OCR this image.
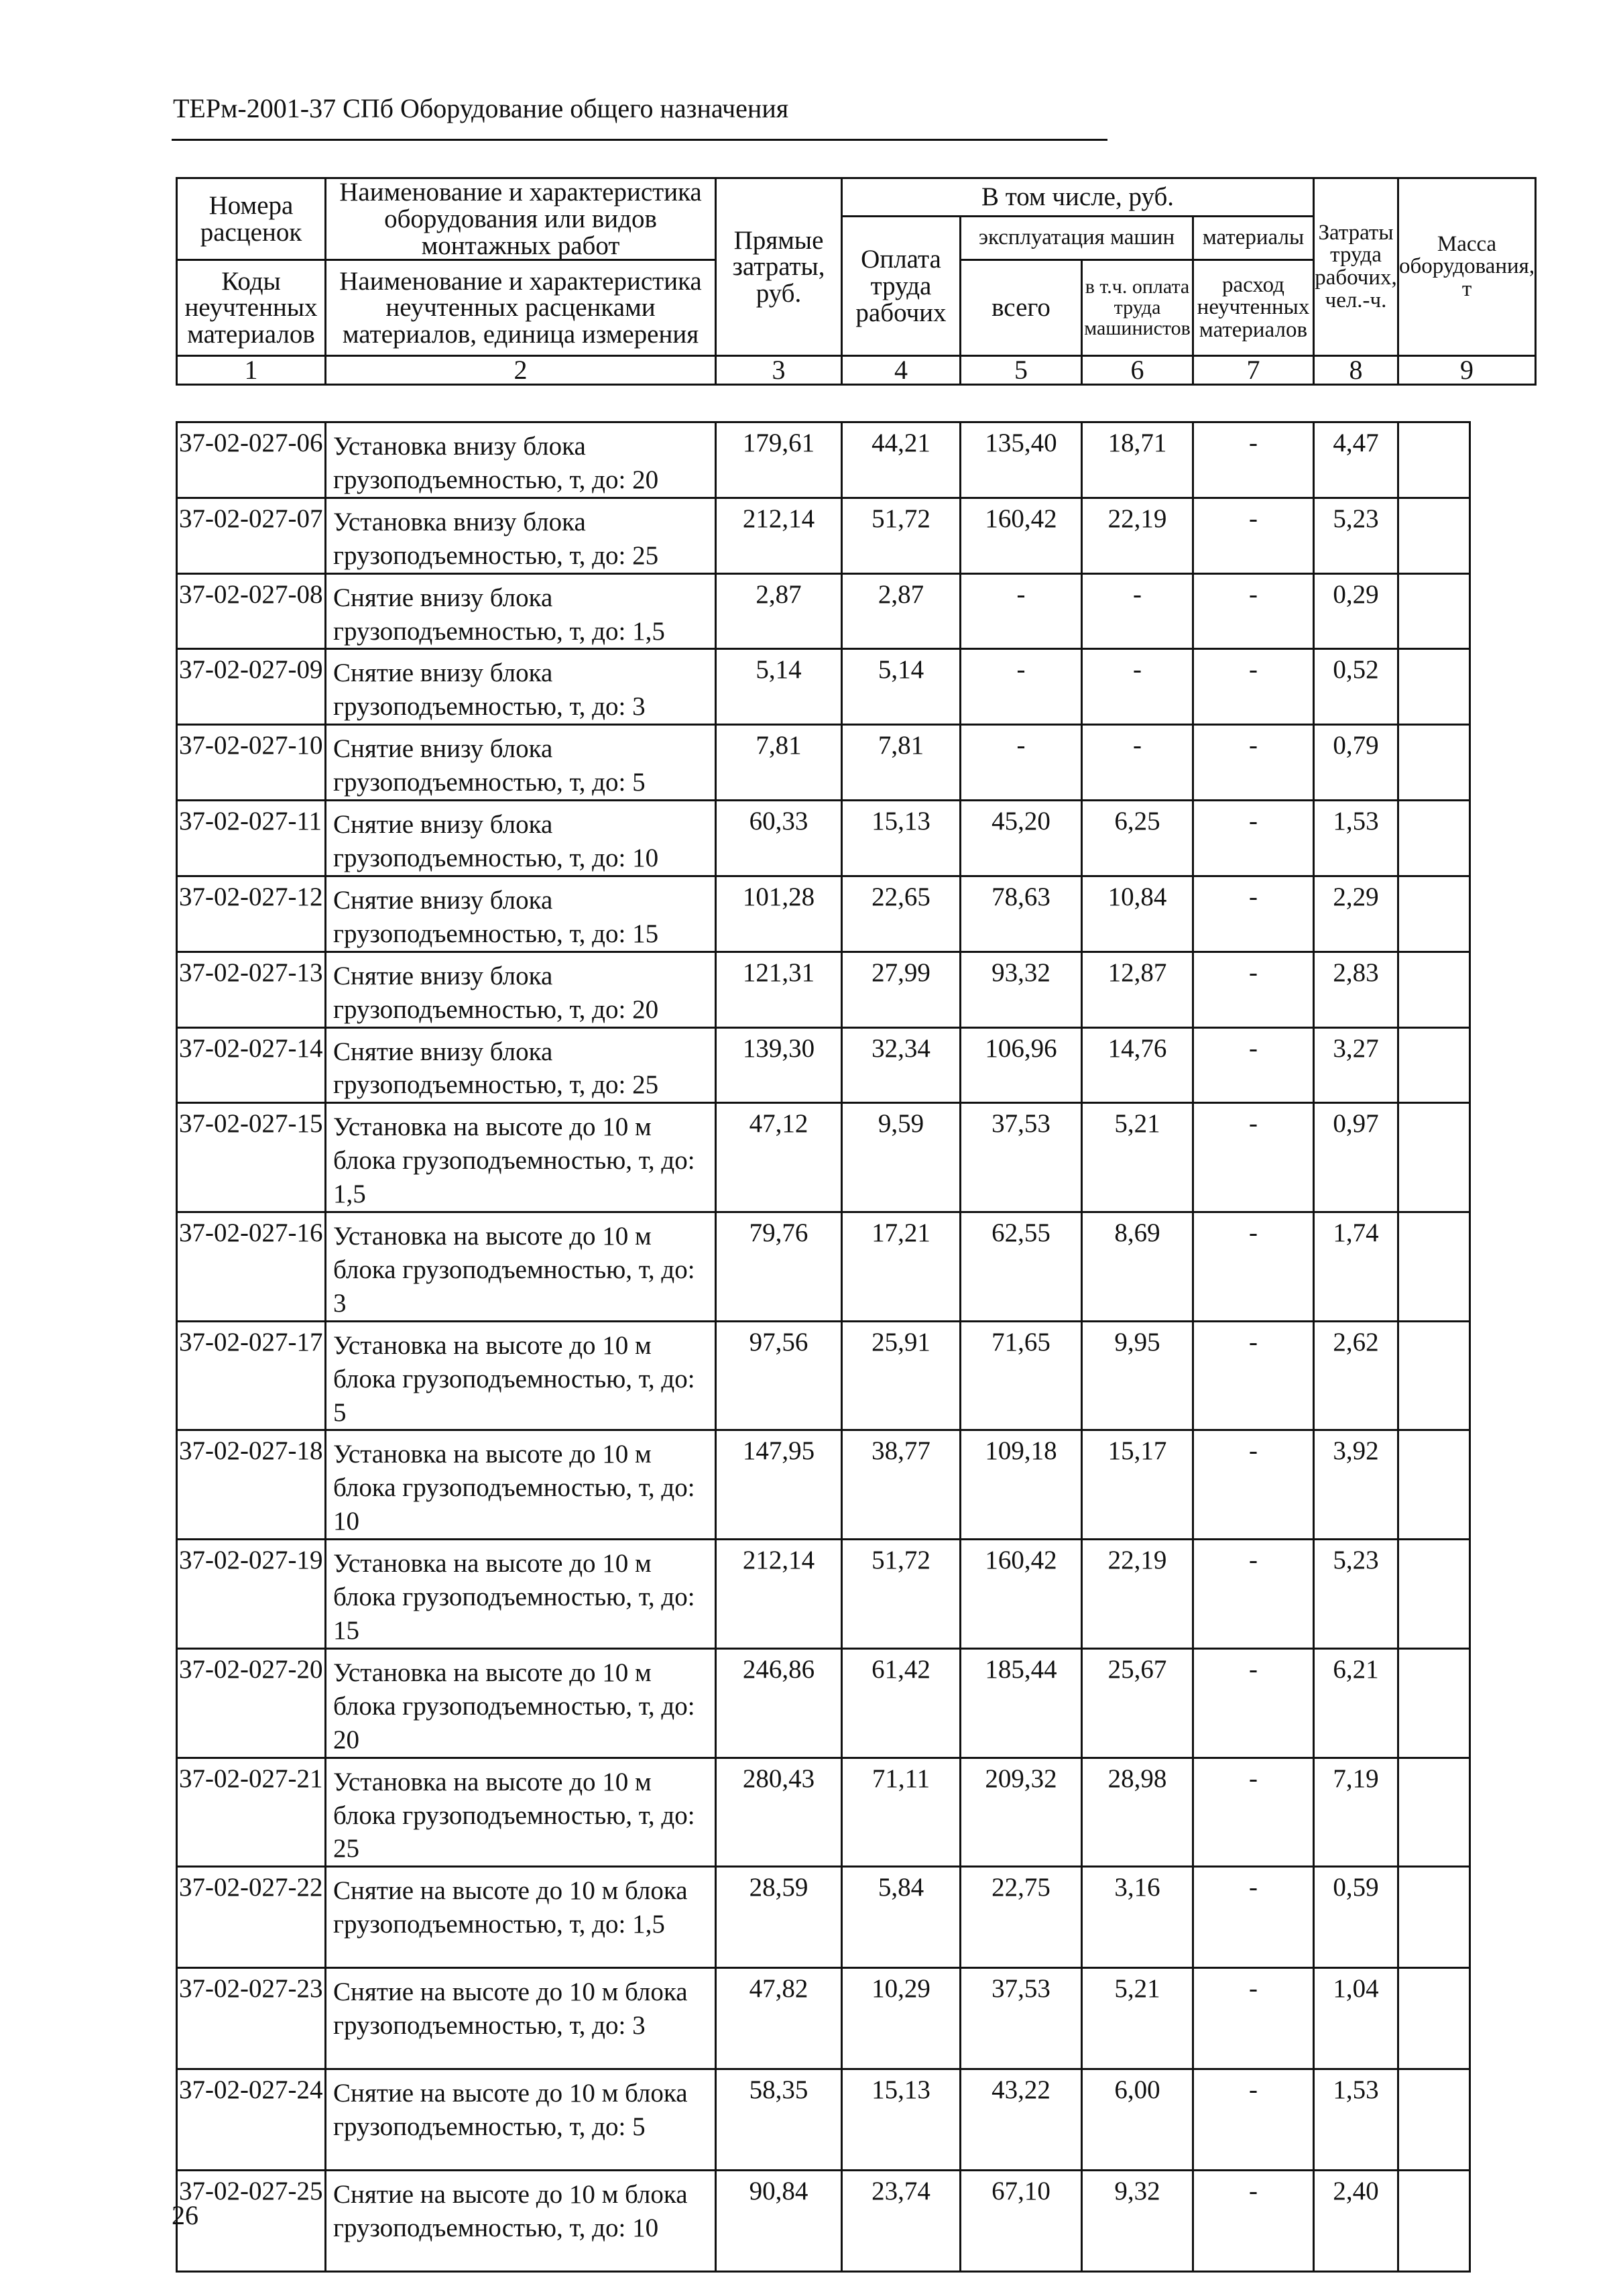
ТЕРм-2001-37 СПб Оборудование общего назначения
Номера расценок	Наименование и характеристика оборудования или видов монтажных работ	Прямые затраты, руб.	В том числе, руб.				Затраты труда рабочих, чел.-ч.	Масса оборудования, т
			Оплата труда рабочих	эксплуатация машин		материалы		
Коды неучтенных материалов	Наименование и характеристика неучтенных расценками материалов, единица измерения			всего	в т.ч. оплата труда машинистов	расход неучтенных материалов		

1	2	3	4	5	6	7	8	9
37-02-027-06	Установка внизу блока грузоподъемностью, т, до: 20	179,61	44,21	135,40	18,71	-	4,47	
37-02-027-07	Установка внизу блока грузоподъемностью, т, до: 25	212,14	51,72	160,42	22,19	-	5,23	
37-02-027-08	Снятие внизу блока грузоподъемностью, т, до: 1,5	2,87	2,87	-	-	-	0,29	
37-02-027-09	Снятие внизу блока грузоподъемностью, т, до: 3	5,14	5,14	-	-	-	0,52	
37-02-027-10	Снятие внизу блока грузоподъемностью, т, до: 5	7,81	7,81	-	-	-	0,79	
37-02-027-11	Снятие внизу блока грузоподъемностью, т, до: 10	60,33	15,13	45,20	6,25	-	1,53	
37-02-027-12	Снятие внизу блока грузоподъемностью, т, до: 15	101,28	22,65	78,63	10,84	-	2,29	
37-02-027-13	Снятие внизу блока грузоподъемностью, т, до: 20	121,31	27,99	93,32	12,87	-	2,83	
37-02-027-14	Снятие внизу блока грузоподъемностью, т, до: 25	139,30	32,34	106,96	14,76	-	3,27	
37-02-027-15	Установка на высоте до 10 м блока грузоподъемностью, т, до: 1,5	47,12	9,59	37,53	5,21	-	0,97	
37-02-027-16	Установка на высоте до 10 м блока грузоподъемностью, т, до: 3	79,76	17,21	62,55	8,69	-	1,74	
37-02-027-17	Установка на высоте до 10 м блока грузоподъемностью, т, до: 5	97,56	25,91	71,65	9,95	-	2,62	
37-02-027-18	Установка на высоте до 10 м блока грузоподъемностью, т, до: 10	147,95	38,77	109,18	15,17	-	3,92	
37-02-027-19	Установка на высоте до 10 м блока грузоподъемностью, т, до: 15	212,14	51,72	160,42	22,19	-	5,23	
37-02-027-20	Установка на высоте до 10 м блока грузоподъемностью, т, до: 20	246,86	61,42	185,44	25,67	-	6,21	
37-02-027-21	Установка на высоте до 10 м блока грузоподъемностью, т, до: 25	280,43	71,11	209,32	28,98	-	7,19	
37-02-027-22	Снятие на высоте до 10 м блока грузоподъемностью, т, до: 1,5	28,59	5,84	22,75	3,16	-	0,59	
37-02-027-23	Снятие на высоте до 10 м блока грузоподъемностью, т, до: 3	47,82	10,29	37,53	5,21	-	1,04	
37-02-027-24	Снятие на высоте до 10 м блока грузоподъемностью, т, до: 5	58,35	15,13	43,22	6,00	-	1,53	
37-02-027-25	Снятие на высоте до 10 м блока грузоподъемностью, т, до: 10	90,84	23,74	67,10	9,32	-	2,40	
26
